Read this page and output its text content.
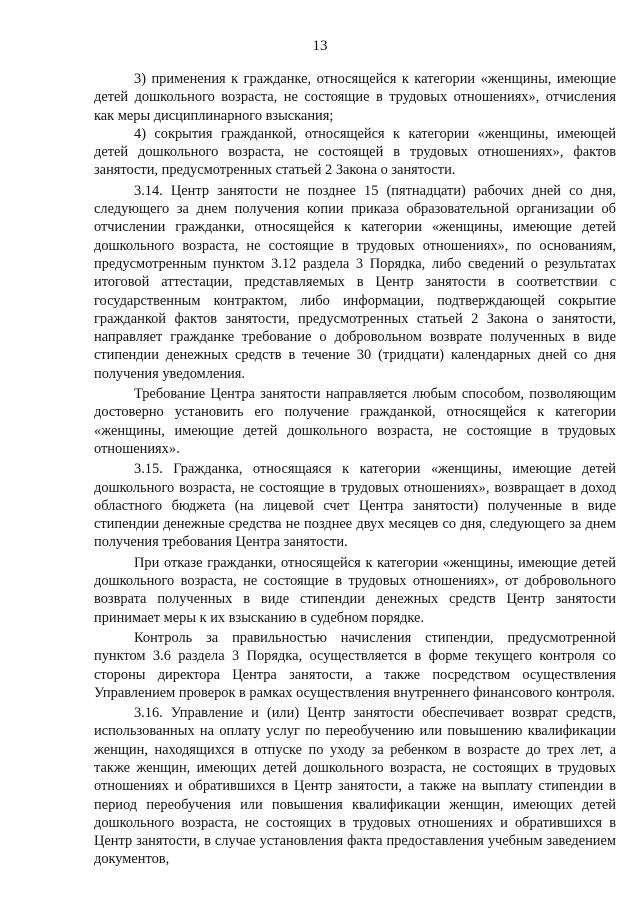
13

3) применения к гражданке, относящейся к категории «женщины, имеющие детей дошкольного возраста, не состоящие в трудовых отношениях», отчисления как меры дисциплинарного взыскания;

4) сокрытия гражданкой, относящейся к категории «женщины, имеющей детей дошкольного возраста, не состоящей в трудовых отношениях», фактов занятости, предусмотренных статьей 2 Закона о занятости.

3.14. Центр занятости не позднее 15 (пятнадцати) рабочих дней со дня, следующего за днем получения копии приказа образовательной организации об отчислении гражданки, относящейся к категории «женщины, имеющие детей дошкольного возраста, не состоящие в трудовых отношениях», по основаниям, предусмотренным пунктом 3.12 раздела 3 Порядка, либо сведений о результатах итоговой аттестации, представляемых в Центр занятости в соответствии с государственным контрактом, либо информации, подтверждающей сокрытие гражданкой фактов занятости, предусмотренных статьей 2 Закона о занятости, направляет гражданке требование о добровольном возврате полученных в виде стипендии денежных средств в течение 30 (тридцати) календарных дней со дня получения уведомления.

Требование Центра занятости направляется любым способом, позволяющим достоверно установить его получение гражданкой, относящейся к категории «женщины, имеющие детей дошкольного возраста, не состоящие в трудовых отношениях».

3.15. Гражданка, относящаяся к категории «женщины, имеющие детей дошкольного возраста, не состоящие в трудовых отношениях», возвращает в доход областного бюджета (на лицевой счет Центра занятости) полученные в виде стипендии денежные средства не позднее двух месяцев со дня, следующего за днем получения требования Центра занятости.

При отказе гражданки, относящейся к категории «женщины, имеющие детей дошкольного возраста, не состоящие в трудовых отношениях», от добровольного возврата полученных в виде стипендии денежных средств Центр занятости принимает меры к их взысканию в судебном порядке.

Контроль за правильностью начисления стипендии, предусмотренной пунктом 3.6 раздела 3 Порядка, осуществляется в форме текущего контроля со стороны директора Центра занятости, а также посредством осуществления Управлением проверок в рамках осуществления внутреннего финансового контроля.

3.16. Управление и (или) Центр занятости обеспечивает возврат средств, использованных на оплату услуг по переобучению или повышению квалификации женщин, находящихся в отпуске по уходу за ребенком в возрасте до трех лет, а также женщин, имеющих детей дошкольного возраста, не состоящих в трудовых отношениях и обратившихся в Центр занятости, а также на выплату стипендии в период переобучения или повышения квалификации женщин, имеющих детей дошкольного возраста, не состоящих в трудовых отношениях и обратившихся в Центр занятости, в случае установления факта предоставления учебным заведением документов,
